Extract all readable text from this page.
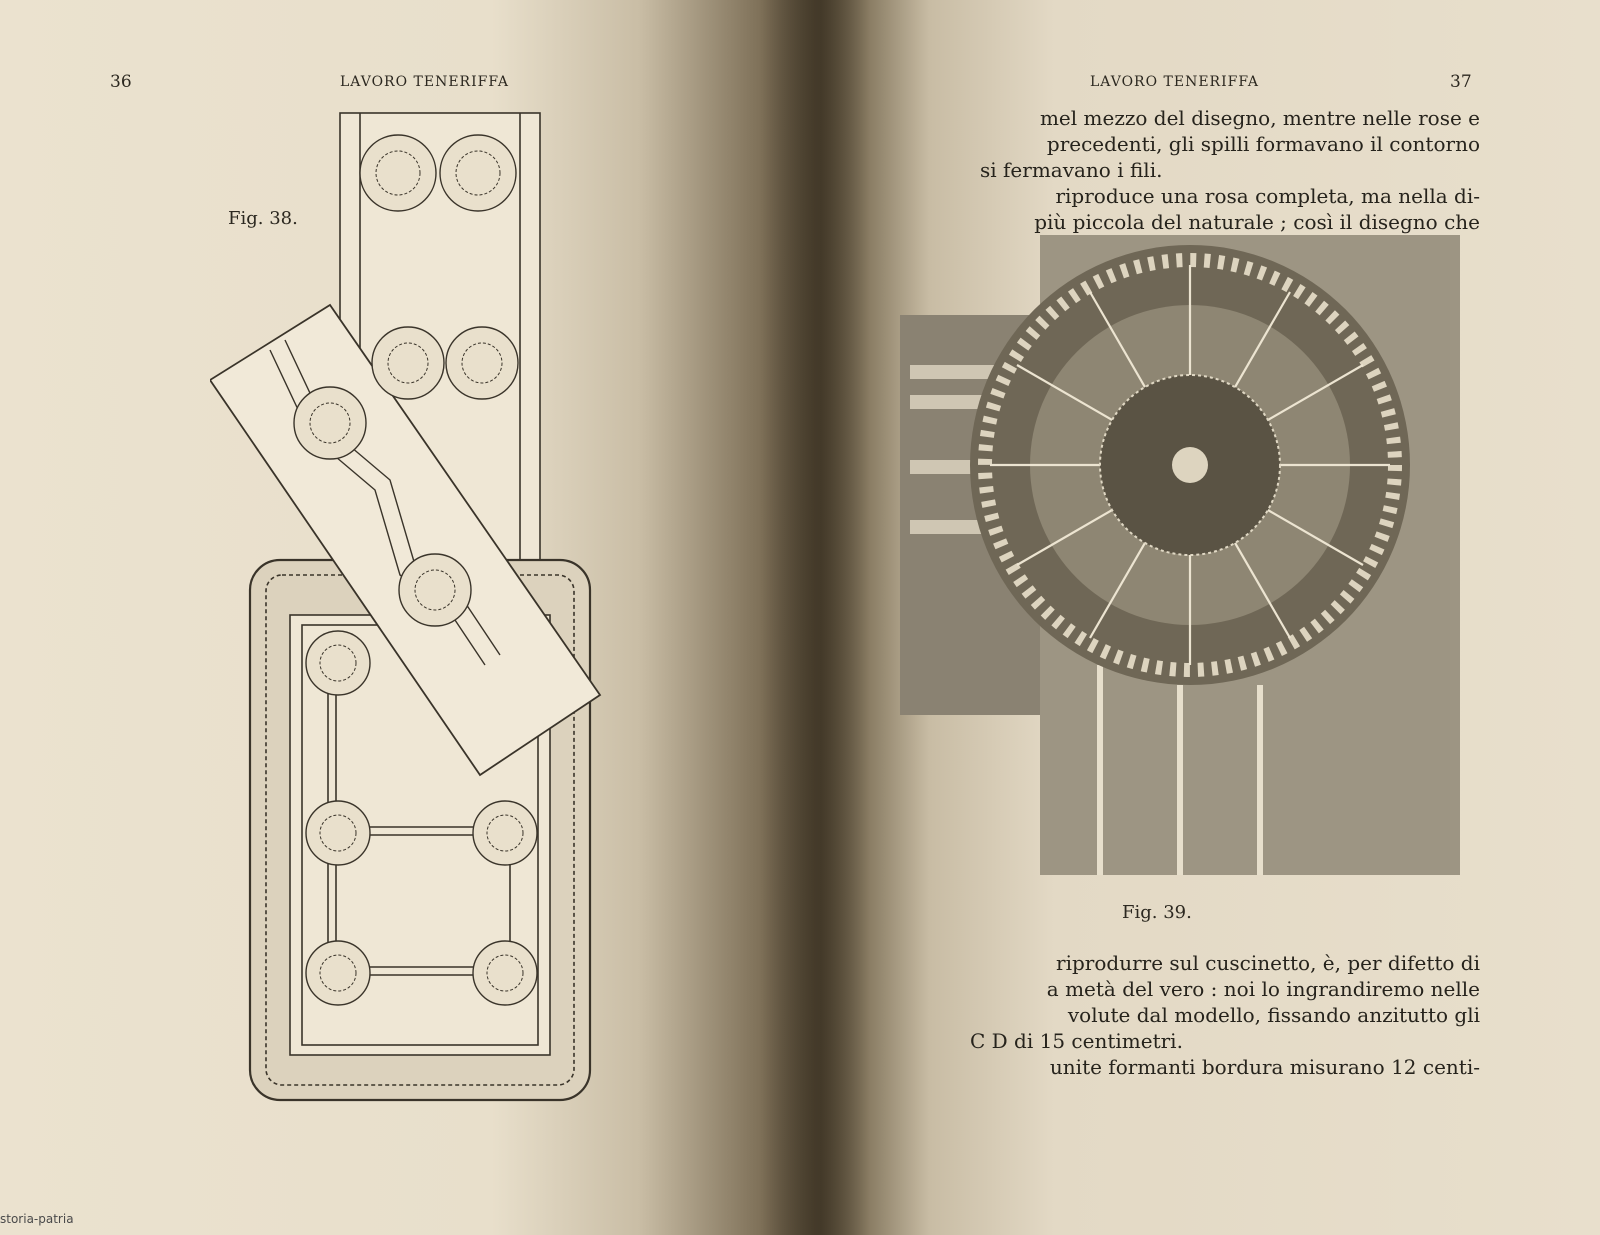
36	LAVORO TENERIFFA
Fig. 38.
LAVORO TENERIFFA	37
mel mezzo del disegno, mentre nelle rose e
precedenti, gli spilli formavano il contorno
si fermavano i fili.
riproduce una rosa completa, ma nella di-
più piccola del naturale ; così il disegno che
Fig. 39.
riprodurre sul cuscinetto, è, per difetto di
a metà del vero : noi lo ingrandiremo nelle
volute dal modello, fissando anzitutto gli
C D di 15 centimetri.
unite formanti bordura misurano 12 centi-
storia-patria
